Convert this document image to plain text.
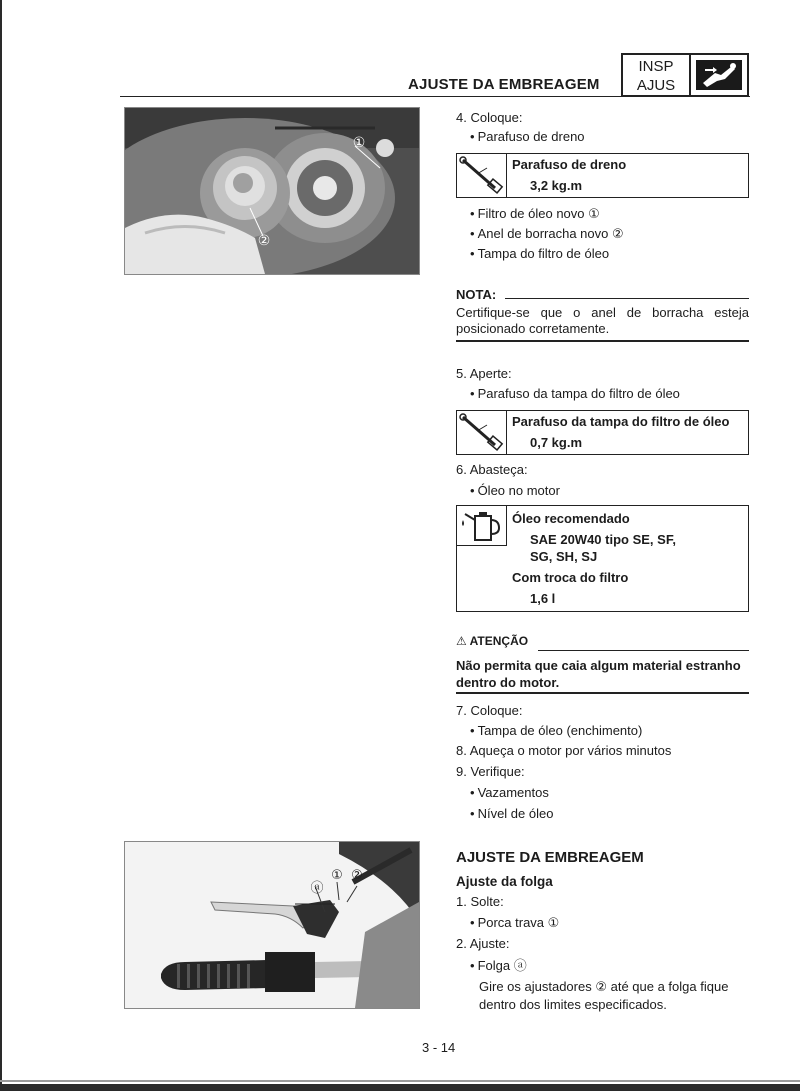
AJUSTE DA EMBREAGEM
INSP
AJUS
①
②
4. Coloque:
• Parafuso de dreno
Parafuso de dreno
3,2 kg.m
• Filtro de óleo novo ①
• Anel de borracha novo ②
• Tampa do filtro de óleo
NOTA:
Certifique-se que o anel de borracha esteja
posicionado corretamente.
5. Aperte:
• Parafuso da tampa do filtro de óleo
Parafuso da tampa do filtro de óleo
0,7 kg.m
6. Abasteça:
• Óleo no motor
Óleo recomendado
SAE 20W40 tipo SE, SF,
SG, SH, SJ
Com troca do filtro
1,6 l
⚠ ATENÇÃO
Não permita que caia algum material estranho
dentro do motor.
7. Coloque:
• Tampa de óleo (enchimento)
8. Aqueça o motor por vários minutos
9. Verifique:
• Vazamentos
• Nível de óleo
ⓐ
① ②
AJUSTE DA EMBREAGEM
Ajuste da folga
1. Solte:
• Porca trava ①
2. Ajuste:
• Folga ⓐ
Gire os ajustadores ② até que a folga fique
dentro dos limites especificados.
3 - 14
